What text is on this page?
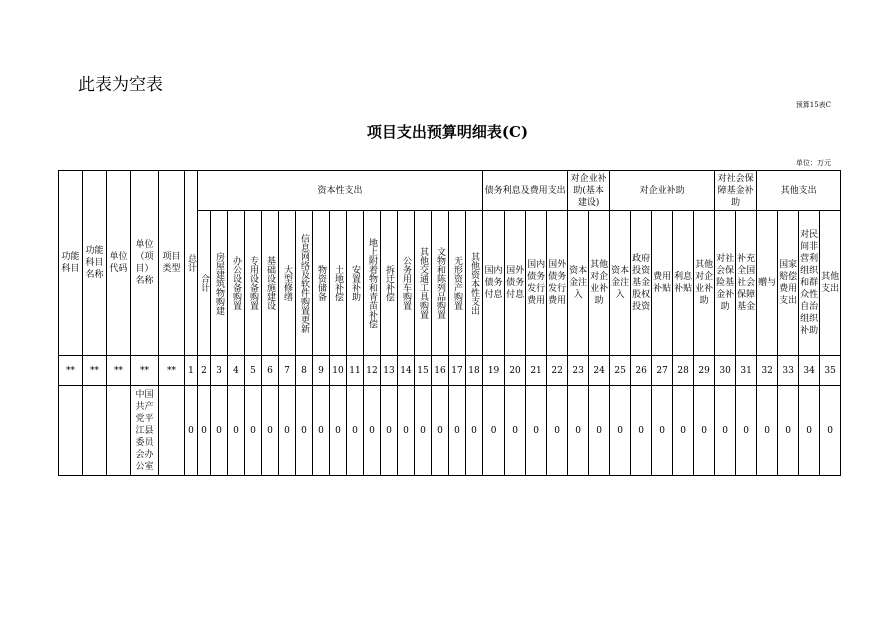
此表为空表
预算15表C
项目支出预算明细表(C)
单位：万元
功能科目	功能科目名称	单位代码	单位（项目）名称	项目类型	总计	资本性支出																	债务利息及费用支出				对企业补助(基本建设)		对企业补助					对社会保障基金补助		其他支出			

						合计	房屋建筑物购建	办公设备购置	专用设备购置	基础设施建设	大型修缮	信息网络及软件购置更新	物资储备	土地补偿	安置补助	地上附着物和青苗补偿	拆迁补偿	公务用车购置	其他交通工具购置	文物和陈列品购置	无形资产购置	其他资本性支出	国内债务付息	国外债务付息	国内债务发行费用	国外债务发行费用	资本金注入	其他对企业补助	资本金注入	政府投资基金股权投资	费用补贴	利息补贴	其他对企业补助	对社会保险基金补助	补充全国社会保障基金	赠与	国家赔偿费用支出	对民间非营利组织和群众性自治组织补助	其他支出

**	**	**	**	**	1	2	3	4	5	6	7	8	9	10	11	12	13	14	15	16	17	18	19	20	21	22	23	24	25	26	27	28	29	30	31	32	33	34	35

			中国共产党平江县委员会办公室		0	0	0	0	0	0	0	0	0	0	0	0	0	0	0	0	0	0	0	0	0	0	0	0	0	0	0	0	0	0	0	0	0	0	0
